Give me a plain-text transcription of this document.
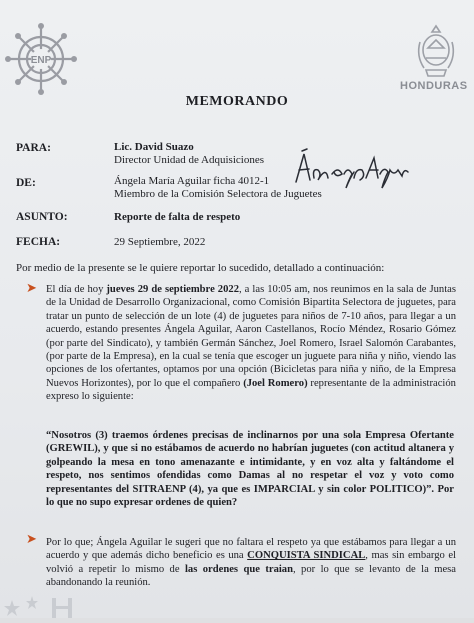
ENP
HONDURAS
MEMORANDO
PARA:	Lic. David Suazo
Director Unidad de Adquisiciones
DE:	Ángela María Aguilar ficha 4012-1
Miembro de la Comisión Selectora de Juguetes
ASUNTO:	Reporte de falta de respeto
FECHA:	29 Septiembre, 2022
Por medio de la presente se le quiere reportar lo sucedido, detallado a continuación:
➤ El día de hoy jueves 29 de septiembre 2022, a las 10:05 am, nos reunimos en la sala de Juntas de la Unidad de Desarrollo Organizacional, como Comisión Bipartita Selectora de juguetes, para tratar un punto de selección de un lote (4) de juguetes para niños de 7-10 años, para llegar a un acuerdo, estando presentes Ángela Aguilar, Aaron Castellanos, Rocío Méndez, Rosario Gómez (por parte del Sindicato), y también Germán Sánchez, Joel Romero, Israel Salomón Carabantes, (por parte de la Empresa), en la cual se tenía que escoger un juguete para niña y niño, viendo las opciones de los ofertantes, optamos por una opción (Bicicletas para niña y niño, de la Empresa Nuevos Horizontes), por lo que el compañero (Joel Romero) representante de la administración expreso lo siguiente:
“Nosotros (3) traemos órdenes precisas de inclinarnos por una sola Empresa Ofertante (GREWIL), y que si no estábamos de acuerdo no habrían juguetes (con actitud altanera y golpeando la mesa en tono amenazante e intimidante, y en voz alta y faltándome el respeto, nos sentimos ofendidas como Damas al no respetar el voz y voto como representantes del SITRAENP (4), ya que es IMPARCIAL y sin color POLITICO)”. Por lo que no supo expresar ordenes de quien?
➤ Por lo que; Ángela Aguilar le sugeri que no faltara el respeto ya que estábamos para llegar a un acuerdo y que además dicho beneficio es una CONQUISTA SINDICAL, mas sin embargo el volvió a repetir lo mismo de las ordenes que traian, por lo que se levanto de la mesa abandonando la reunión.
